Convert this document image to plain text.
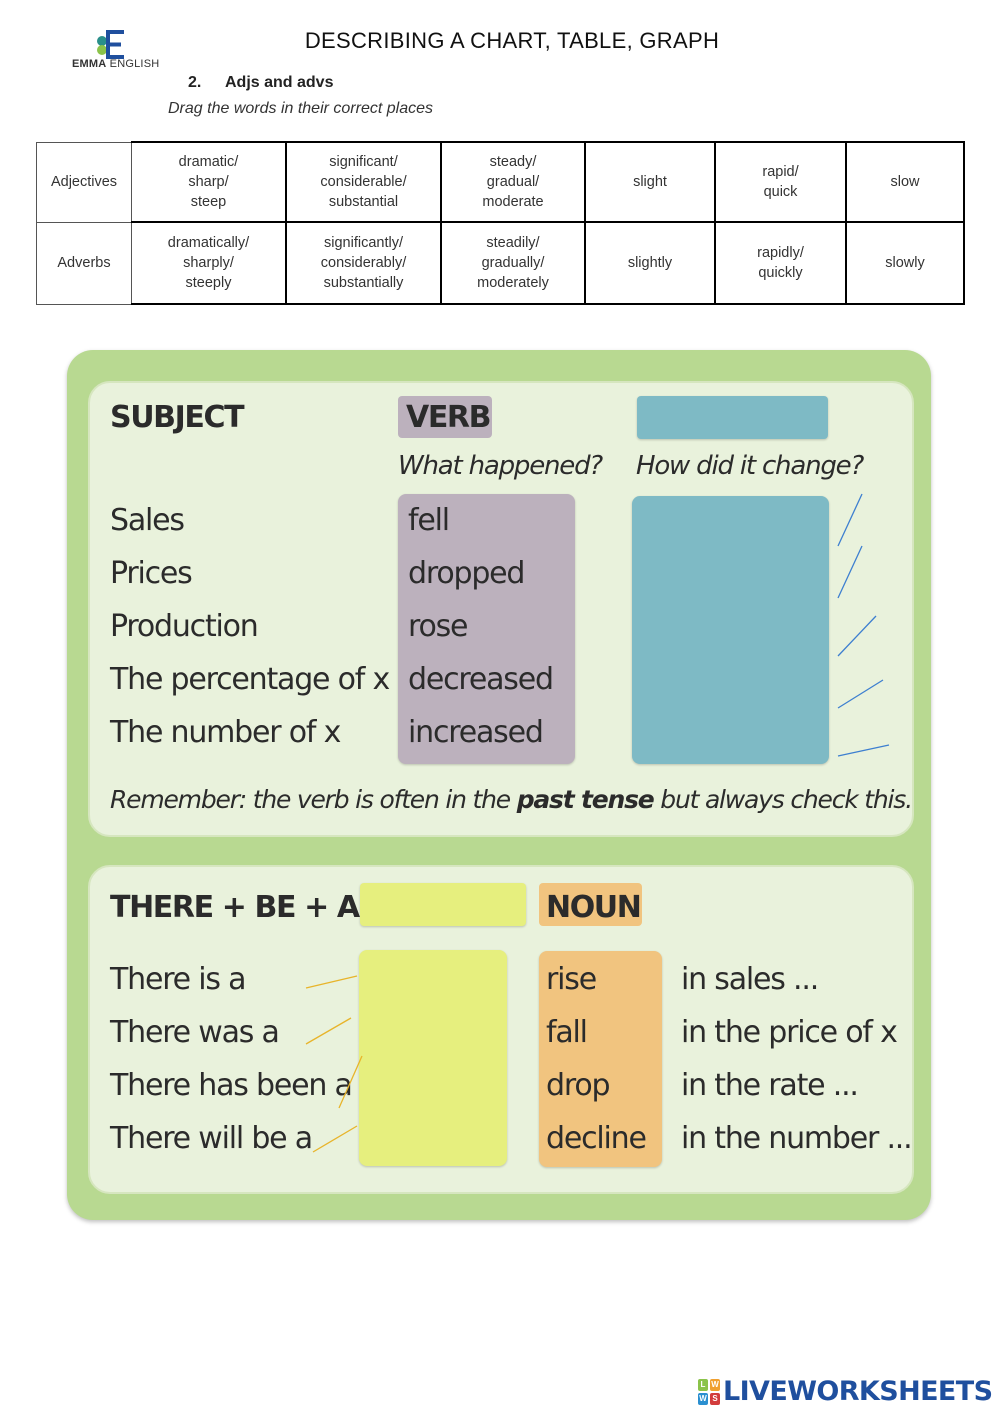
EMMA ENGLISH
DESCRIBING A CHART, TABLE, GRAPH
2. Adjs and advs
Drag the words in their correct places
Adjectives	dramatic/
sharp/
steep	significant/
considerable/
substantial	steady/
gradual/
moderate	slight	rapid/
quick	slow
Adverbs	dramatically/
sharply/
steeply	significantly/
considerably/
substantially	steadily/
gradually/
moderately	slightly	rapidly/
quickly	slowly
SUBJECT	VERB
What happened? How did it change?
Sales
Prices
Production
The percentage of x
The number of x
fell
dropped
rose
decreased
increased
Remember: the verb is often in the past tense but always check this.
THERE + BE + A	NOUN
There is a
There was a
There has been a
There will be a
rise
fall
drop
decline
in sales ...
in the price of x
in the rate ...
in the number ...
L W
W S LIVEWORKSHEETS
